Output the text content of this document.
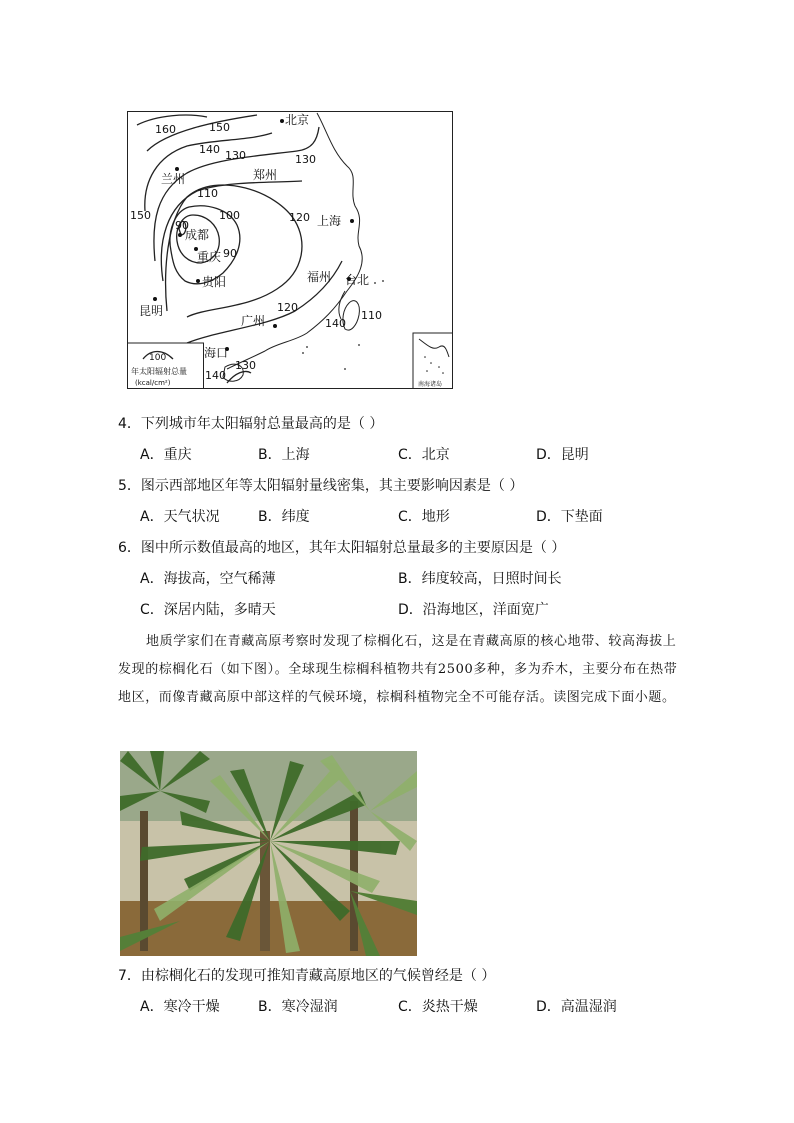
北京
兰州	郑州
上海
成都
重庆
贵阳	台北
福州
昆明
广州
海口
160	150
140 130	130
110
100
90
90
120
150
120
110
140
130
140
100
年太阳辐射总量
(kcal/cm²)	南海诸岛
4．下列城市年太阳辐射总量最高的是（ ）
A．重庆	B．上海	C．北京	D．昆明
5．图示西部地区年等太阳辐射量线密集，其主要影响因素是（ ）
A．天气状况	B．纬度	C．地形	D．下垫面
6．图中所示数值最高的地区，其年太阳辐射总量最多的主要原因是（ ）
A．海拔高，空气稀薄	B．纬度较高，日照时间长
C．深居内陆，多晴天	D．沿海地区，洋面宽广
地质学家们在青藏高原考察时发现了棕榈化石，这是在青藏高原的核心地带、较高海拔上发现的棕榈化石（如下图）。全球现生棕榈科植物共有2500多种，多为乔木，主要分布在热带地区，而像青藏高原中部这样的气候环境，棕榈科植物完全不可能存活。读图完成下面小题。
7．由棕榈化石的发现可推知青藏高原地区的气候曾经是（ ）
A．寒冷干燥	B．寒冷湿润	C．炎热干燥	D．高温湿润
